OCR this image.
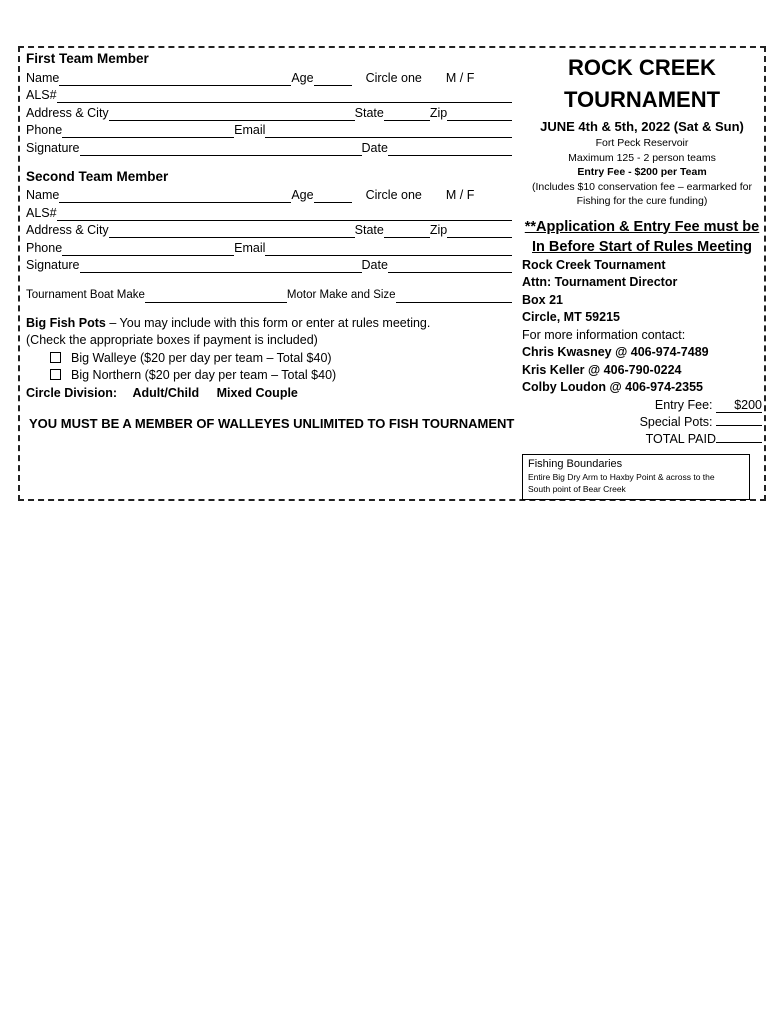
First Team Member
Name	Age	Circle one M / F
ALS#
Address & City	State	Zip
Phone	Email
Signature	Date
Second Team Member
Name	Age	Circle one M / F
ALS#
Address & City	State	Zip
Phone	Email
Signature	Date
Tournament Boat Make	Motor Make and Size
Big Fish Pots – You may include with this form or enter at rules meeting.
(Check the appropriate boxes if payment is included)
Big Walleye ($20 per day per team – Total $40)
Big Northern ($20 per day per team – Total $40)
Circle Division: Adult/Child Mixed Couple
YOU MUST BE A MEMBER OF WALLEYES UNLIMITED TO FISH TOURNAMENT
ROCK CREEK
TOURNAMENT
JUNE 4th & 5th, 2022 (Sat & Sun)
Fort Peck Reservoir
Maximum 125 - 2 person teams
Entry Fee - $200 per Team
(Includes $10 conservation fee – earmarked for
Fishing for the cure funding)
**Application & Entry Fee must be
In Before Start of Rules Meeting
Rock Creek Tournament
Attn: Tournament Director
Box 21
Circle, MT 59215
For more information contact:
Chris Kwasney @ 406-974-7489
Kris Keller @ 406-790-0224
Colby Loudon @ 406-974-2355
Entry Fee: $200
Special Pots:
TOTAL PAID
Fishing Boundaries
Entire Big Dry Arm to Haxby Point & across to the
South point of Bear Creek
